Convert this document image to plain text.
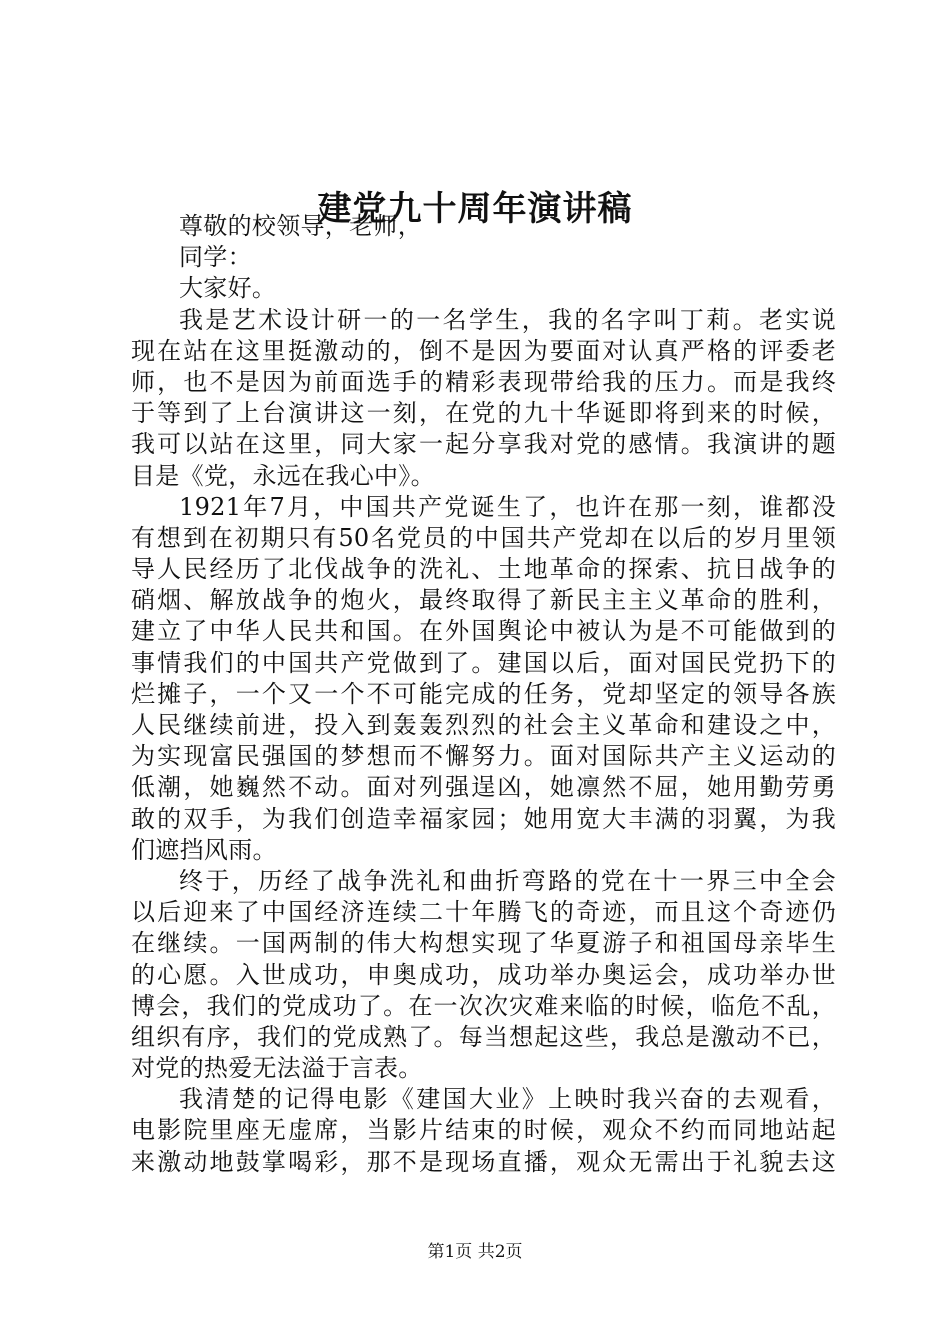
建党九十周年演讲稿
尊敬的校领导，老师，
同学：
大家好。
我是艺术设计研一的一名学生，我的名字叫丁莉。老实说
现在站在这里挺激动的，倒不是因为要面对认真严格的评委老
师，也不是因为前面选手的精彩表现带给我的压力。而是我终
于等到了上台演讲这一刻，在党的九十华诞即将到来的时候，
我可以站在这里，同大家一起分享我对党的感情。我演讲的题
目是《党，永远在我心中》。
1921年7月，中国共产党诞生了，也许在那一刻，谁都没
有想到在初期只有50名党员的中国共产党却在以后的岁月里领
导人民经历了北伐战争的洗礼、土地革命的探索、抗日战争的
硝烟、解放战争的炮火，最终取得了新民主主义革命的胜利，
建立了中华人民共和国。在外国舆论中被认为是不可能做到的
事情我们的中国共产党做到了。建国以后，面对国民党扔下的
烂摊子，一个又一个不可能完成的任务，党却坚定的领导各族
人民继续前进，投入到轰轰烈烈的社会主义革命和建设之中，
为实现富民强国的梦想而不懈努力。面对国际共产主义运动的
低潮，她巍然不动。面对列强逞凶，她凛然不屈，她用勤劳勇
敢的双手，为我们创造幸福家园；她用宽大丰满的羽翼，为我
们遮挡风雨。
终于，历经了战争洗礼和曲折弯路的党在十一界三中全会
以后迎来了中国经济连续二十年腾飞的奇迹，而且这个奇迹仍
在继续。一国两制的伟大构想实现了华夏游子和祖国母亲毕生
的心愿。入世成功，申奥成功，成功举办奥运会，成功举办世
博会，我们的党成功了。在一次次灾难来临的时候，临危不乱，
组织有序，我们的党成熟了。每当想起这些，我总是激动不已，
对党的热爱无法溢于言表。
我清楚的记得电影《建国大业》上映时我兴奋的去观看，
电影院里座无虚席，当影片结束的时候，观众不约而同地站起
来激动地鼓掌喝彩，那不是现场直播，观众无需出于礼貌去这
第1页 共2页
